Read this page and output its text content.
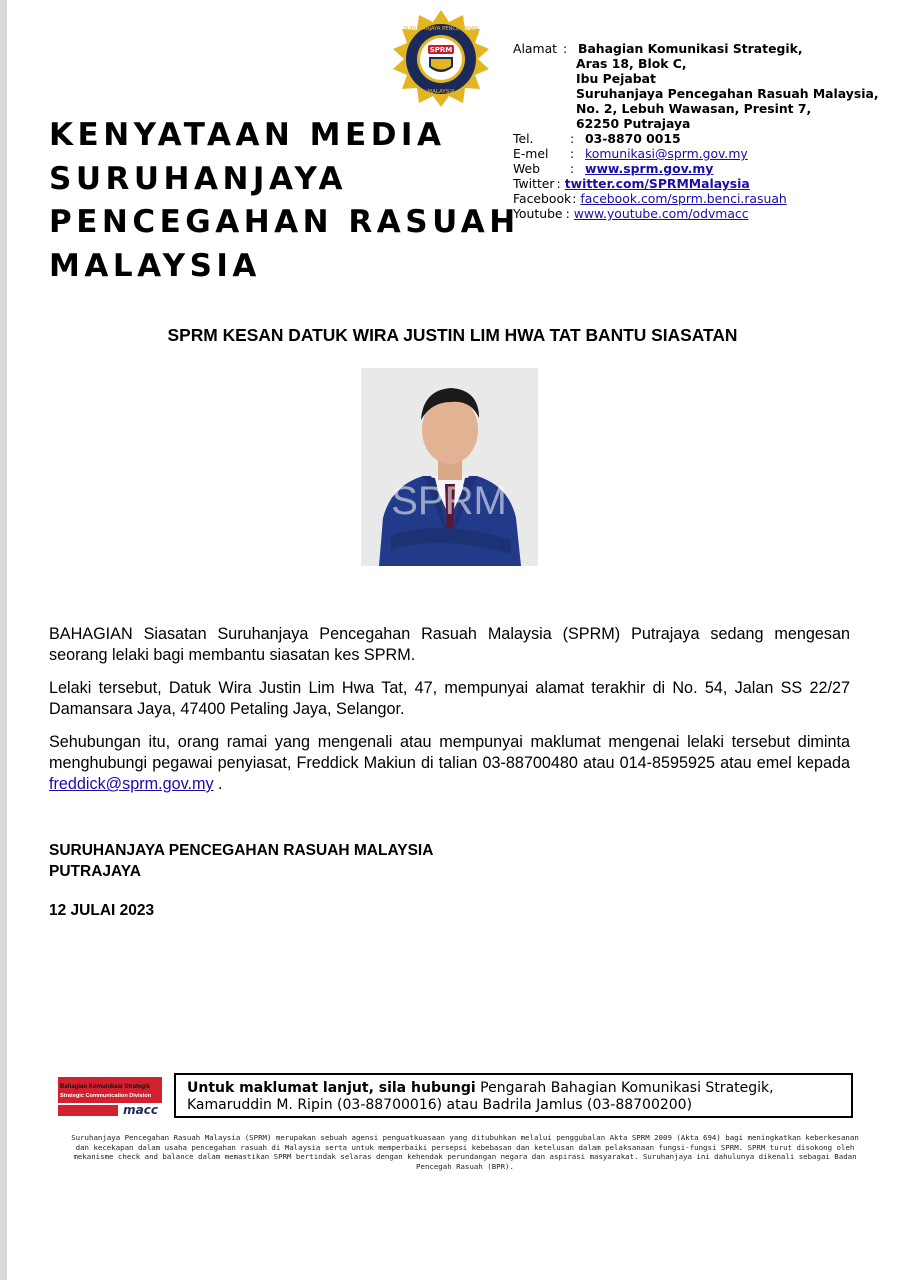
SPRM
SURUHANJAYA PENCEGAHAN
MALAYSIA
KENYATAAN MEDIA
SURUHANJAYA
PENCEGAHAN RASUAH
MALAYSIA
Alamat : Bahagian Komunikasi Strategik,
Aras 18, Blok C,
Ibu Pejabat
Suruhanjaya Pencegahan Rasuah Malaysia,
No. 2, Lebuh Wawasan, Presint 7,
62250 Putrajaya
Tel.	: 03-8870 0015
E-mel	: komunikasi@sprm.gov.my
Web	: www.sprm.gov.my
Twitter : twitter.com/SPRMMalaysia
Facebook : facebook.com/sprm.benci.rasuah
Youtube : www.youtube.com/odvmacc
SPRM KESAN DATUK WIRA JUSTIN LIM HWA TAT BANTU SIASATAN
SPRM

BAHAGIAN Siasatan Suruhanjaya Pencegahan Rasuah Malaysia (SPRM) Putrajaya sedang mengesan seorang lelaki bagi membantu siasatan kes SPRM.

Lelaki tersebut, Datuk Wira Justin Lim Hwa Tat, 47, mempunyai alamat terakhir di No. 54, Jalan SS 22/27 Damansara Jaya, 47400 Petaling Jaya, Selangor.

Sehubungan itu, orang ramai yang mengenali atau mempunyai maklumat mengenai lelaki tersebut diminta menghubungi pegawai penyiasat, Freddick Makiun di talian 03-88700480 atau 014-8595925 atau emel kepada freddick@sprm.gov.my .

SURUHANJAYA PENCEGAHAN RASUAH MALAYSIA
PUTRAJAYA
12 JULAI 2023
Bahagian Komunikasi Strategik
Strategic Communication Division
macc
Untuk maklumat lanjut, sila hubungi Pengarah Bahagian Komunikasi Strategik, Kamaruddin M. Ripin (03-88700016) atau Badrila Jamlus (03-88700200)
Suruhanjaya Pencegahan Rasuah Malaysia (SPRM) merupakan sebuah agensi penguatkuasaan yang ditubuhkan melalui penggubalan Akta SPRM 2009 (Akta 694) bagi meningkatkan keberkesanan dan kecekapan dalam usaha pencegahan rasuah di Malaysia serta untuk memperbaiki persepsi kebebasan dan ketelusan dalam pelaksanaan fungsi-fungsi SPRM. SPRM turut disokong oleh mekanisme check and balance dalam memastikan SPRM bertindak selaras dengan kehendak perundangan negara dan aspirasi masyarakat. Suruhanjaya ini dahulunya dikenali sebagai Badan Pencegah Rasuah (BPR).
